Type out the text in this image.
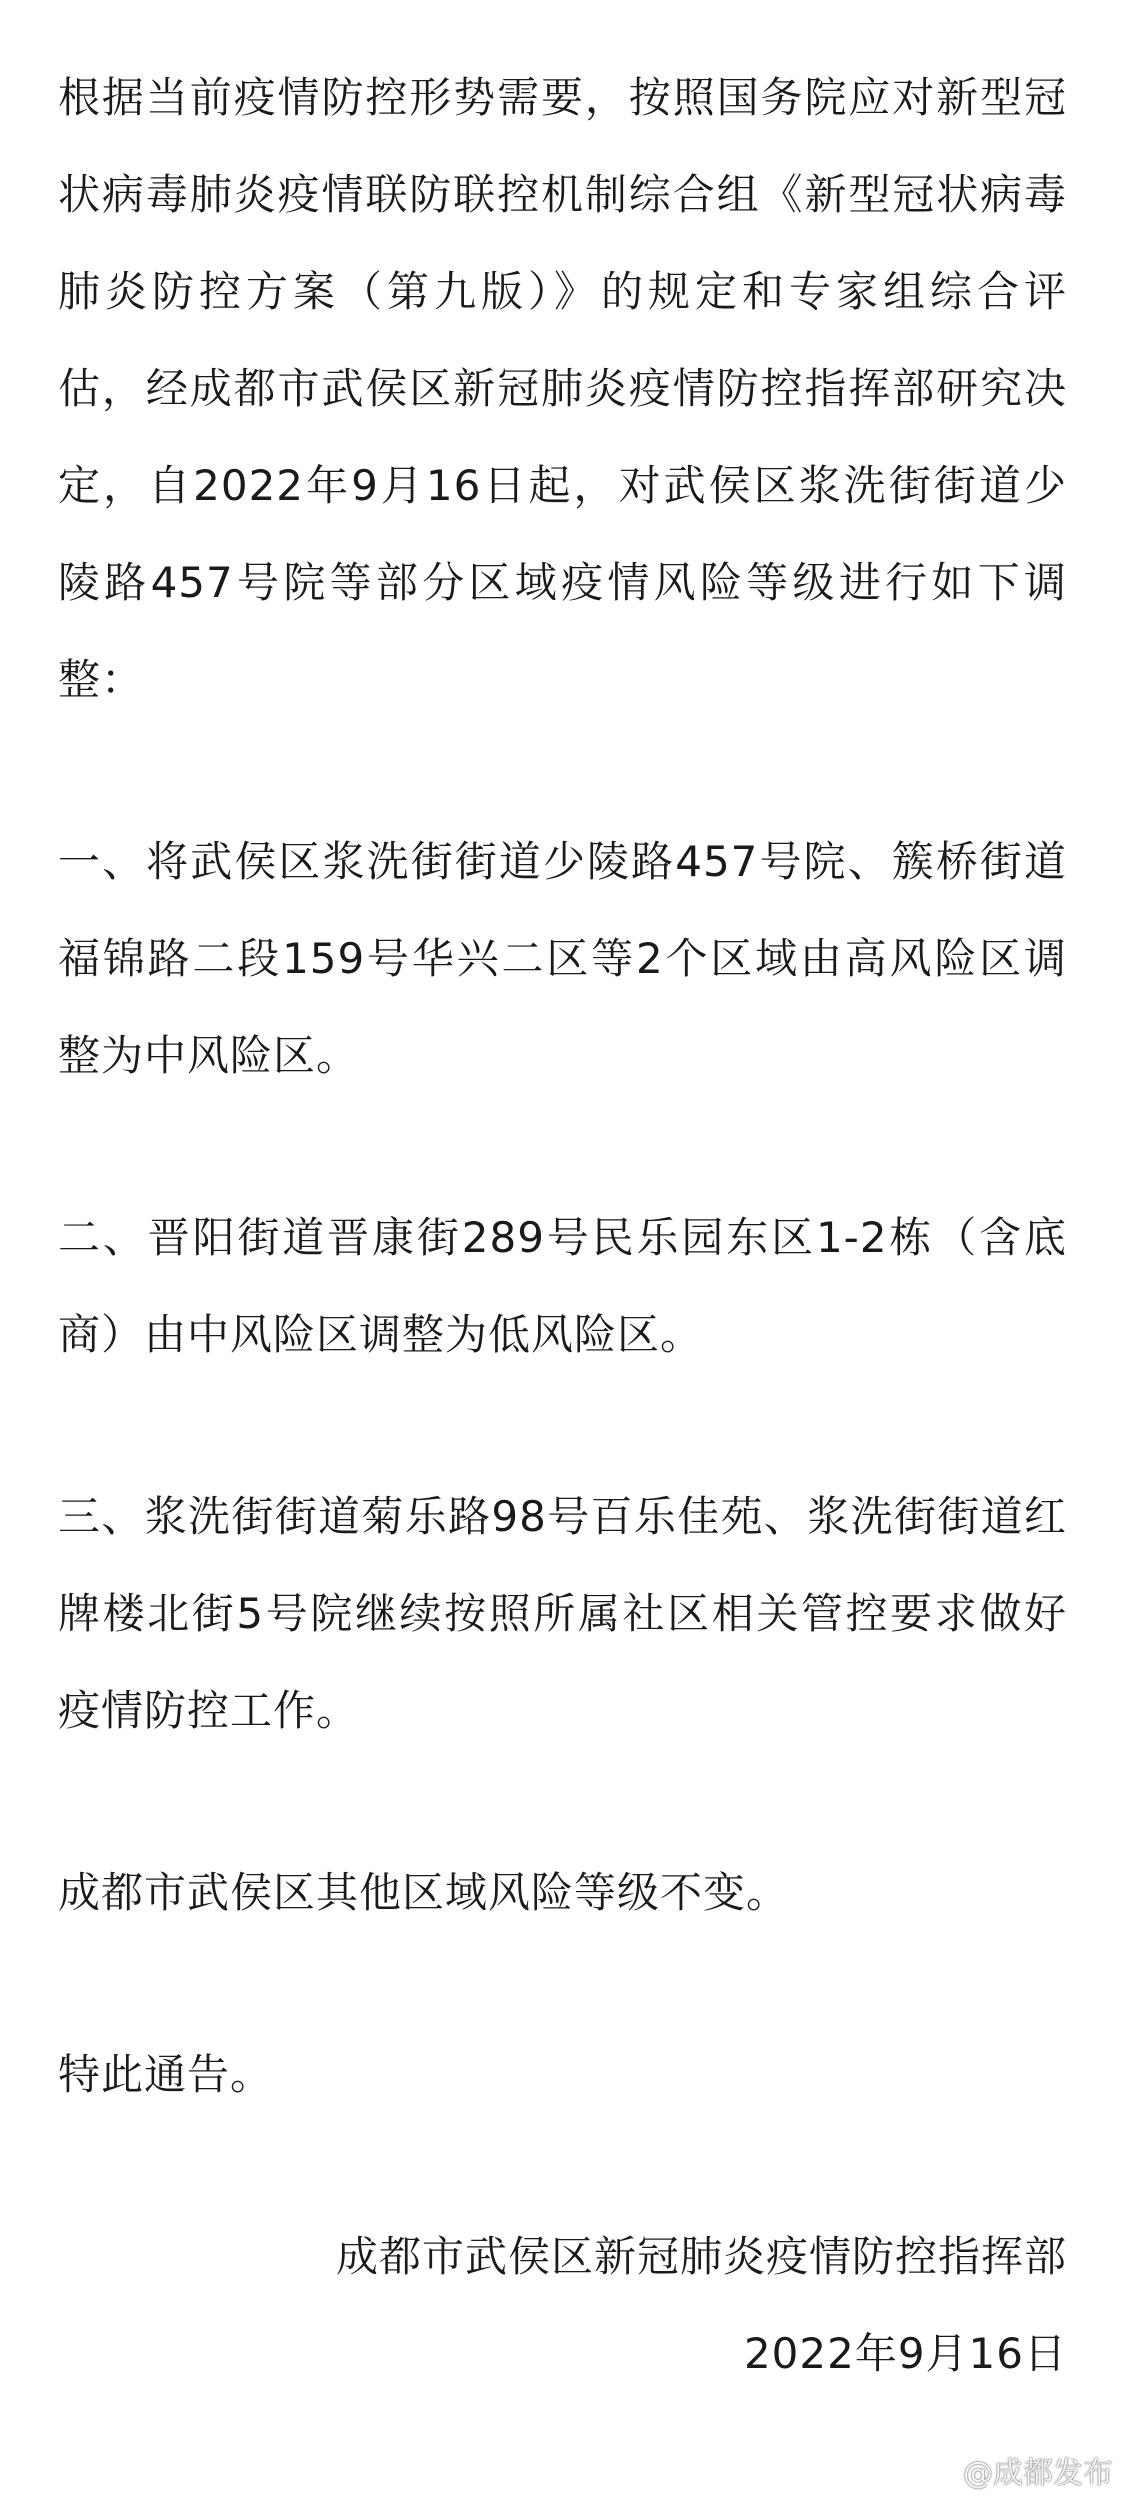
根据当前疫情防控形势需要，按照国务院应对新型冠状病毒肺炎疫情联防联控机制综合组《新型冠状病毒肺炎防控方案（第九版）》的规定和专家组综合评估，经成都市武侯区新冠肺炎疫情防控指挥部研究决定，自2022年9月16日起，对武侯区浆洗街街道少陵路457号院等部分区域疫情风险等级进行如下调整：

一、将武侯区浆洗街街道少陵路457号院、簇桥街道福锦路二段159号华兴二区等2个区域由高风险区调整为中风险区。

二、晋阳街道晋康街289号民乐园东区1-2栋（含底商）由中风险区调整为低风险区。

三、浆洗街街道菊乐路98号百乐佳苑、浆洗街街道红牌楼北街5号院继续按照所属社区相关管控要求做好疫情防控工作。

成都市武侯区其他区域风险等级不变。

特此通告。

成都市武侯区新冠肺炎疫情防控指挥部
2022年9月16日
@成都发布
